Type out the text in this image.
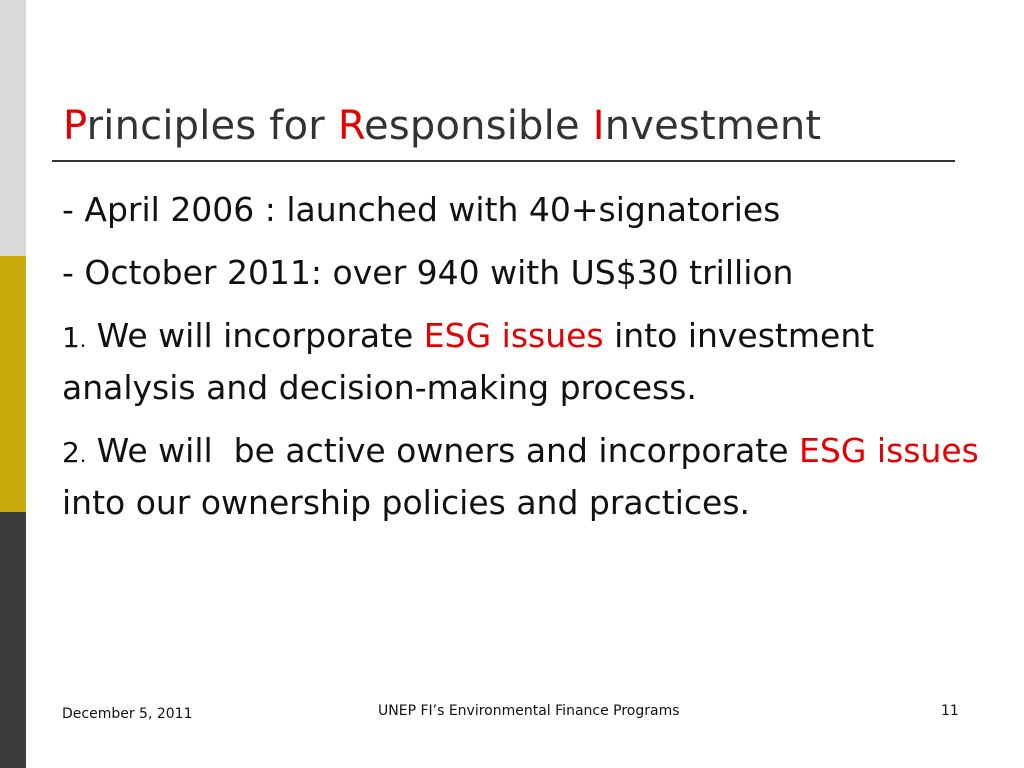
Principles for Responsible Investment

- April 2006 : launched with 40+signatories

- October 2011: over 940 with US$30 trillion

1. We will incorporate ESG issues into investment analysis and decision-making process.

2. We will  be active owners and incorporate ESG issues into our ownership policies and practices.

December 5, 2011	UNEP FI’s Environmental Finance Programs	11
